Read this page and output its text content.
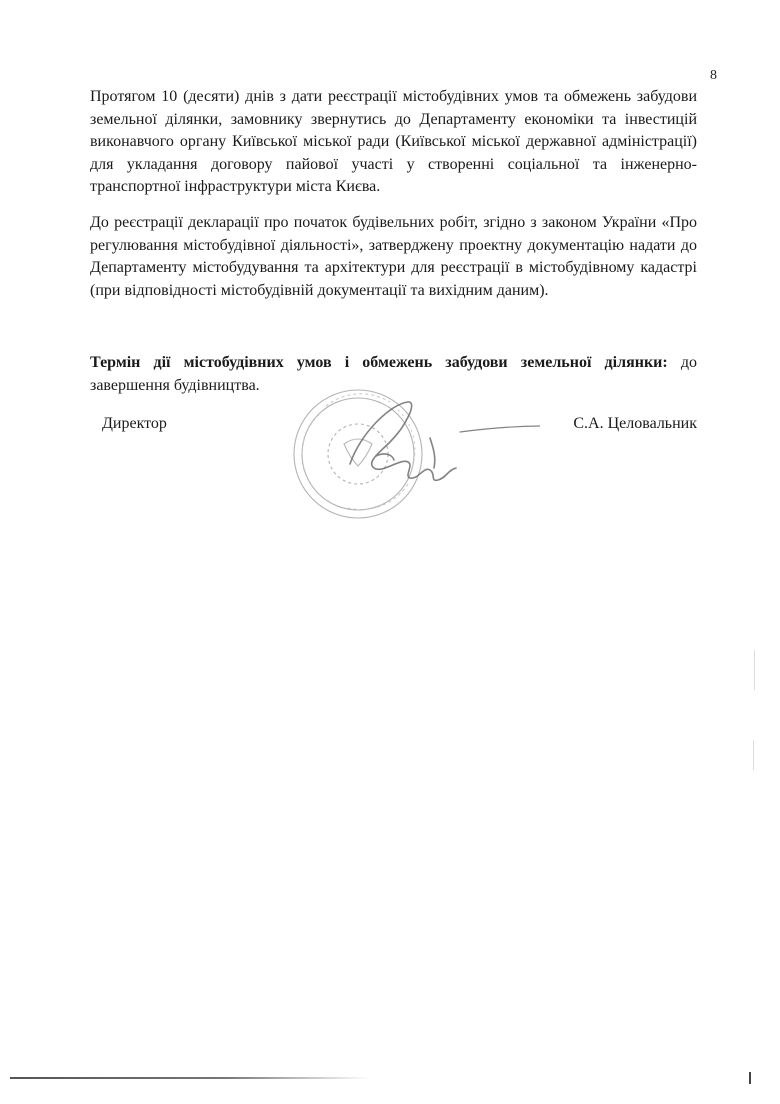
8

Протягом 10 (десяти) днів з дати реєстрації містобудівних умов та обмежень забудови земельної ділянки, замовнику звернутись до Департаменту економіки та інвестицій виконавчого органу Київської міської ради (Київської міської державної адміністрації) для укладання договору пайової участі у створенні соціальної та інженерно-транспортної інфраструктури міста Києва.

До реєстрації декларації про початок будівельних робіт, згідно з законом України «Про регулювання містобудівної діяльності», затверджену проектну документацію надати до Департаменту містобудування та архітектури для реєстрації в містобудівному кадастрі (при відповідності містобудівній документації та вихідним даним).

Термін дії містобудівних умов і обмежень забудови земельної ділянки: до завершення будівництва.

Директор	С.А. Целовальник
